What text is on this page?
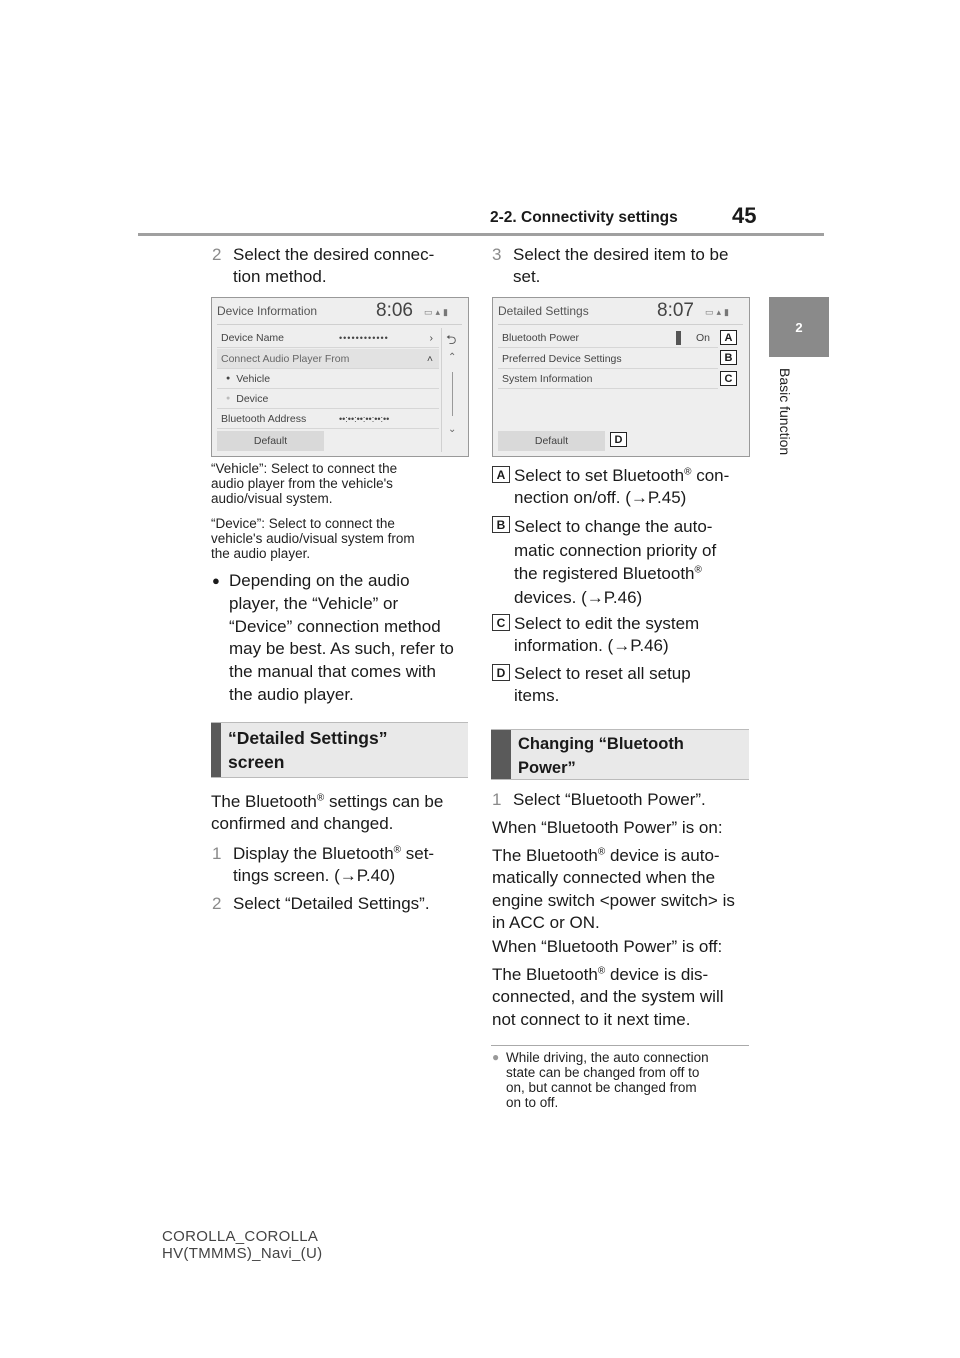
2-2. Connectivity settings 45
2
Basic function
2 Select the desired connec-
tion method.
Device Information	8:06 ▭▴▮
Device Name	••••••••••••	›
Connect Audio Player From	˄
● Vehicle
● Device
Bluetooth Address	••:••:••:••:••:••
Default
⮌
⌃
⌄
“Vehicle”: Select to connect the
audio player from the vehicle's
audio/visual system.
“Device”: Select to connect the
vehicle's audio/visual system from
the audio player.
● Depending on the audio
player, the “Vehicle” or
“Device” connection method
may be best. As such, refer to
the manual that comes with
the audio player.
“Detailed Settings”
screen
The Bluetooth® settings can be
confirmed and changed.
1 Display the Bluetooth® set-
tings screen. (→P.40)
2 Select “Detailed Settings”.
3 Select the desired item to be
set.
Detailed Settings	8:07 ▭▴▮
Bluetooth Power	On
Preferred Device Settings
System Information
Default
A
B
C
D
A Select to set Bluetooth® con-
nection on/off. (→P.45)
B Select to change the auto-
matic connection priority of
the registered Bluetooth®
devices. (→P.46)
C Select to edit the system
information. (→P.46)
D Select to reset all setup
items.
Changing “Bluetooth
Power”
1 Select “Bluetooth Power”.
When “Bluetooth Power” is on:
The Bluetooth® device is auto-
matically connected when the
engine switch <power switch> is
in ACC or ON.
When “Bluetooth Power” is off:
The Bluetooth® device is dis-
connected, and the system will
not connect to it next time.
● While driving, the auto connection
state can be changed from off to
on, but cannot be changed from
on to off.
COROLLA_COROLLA
HV(TMMMS)_Navi_(U)
